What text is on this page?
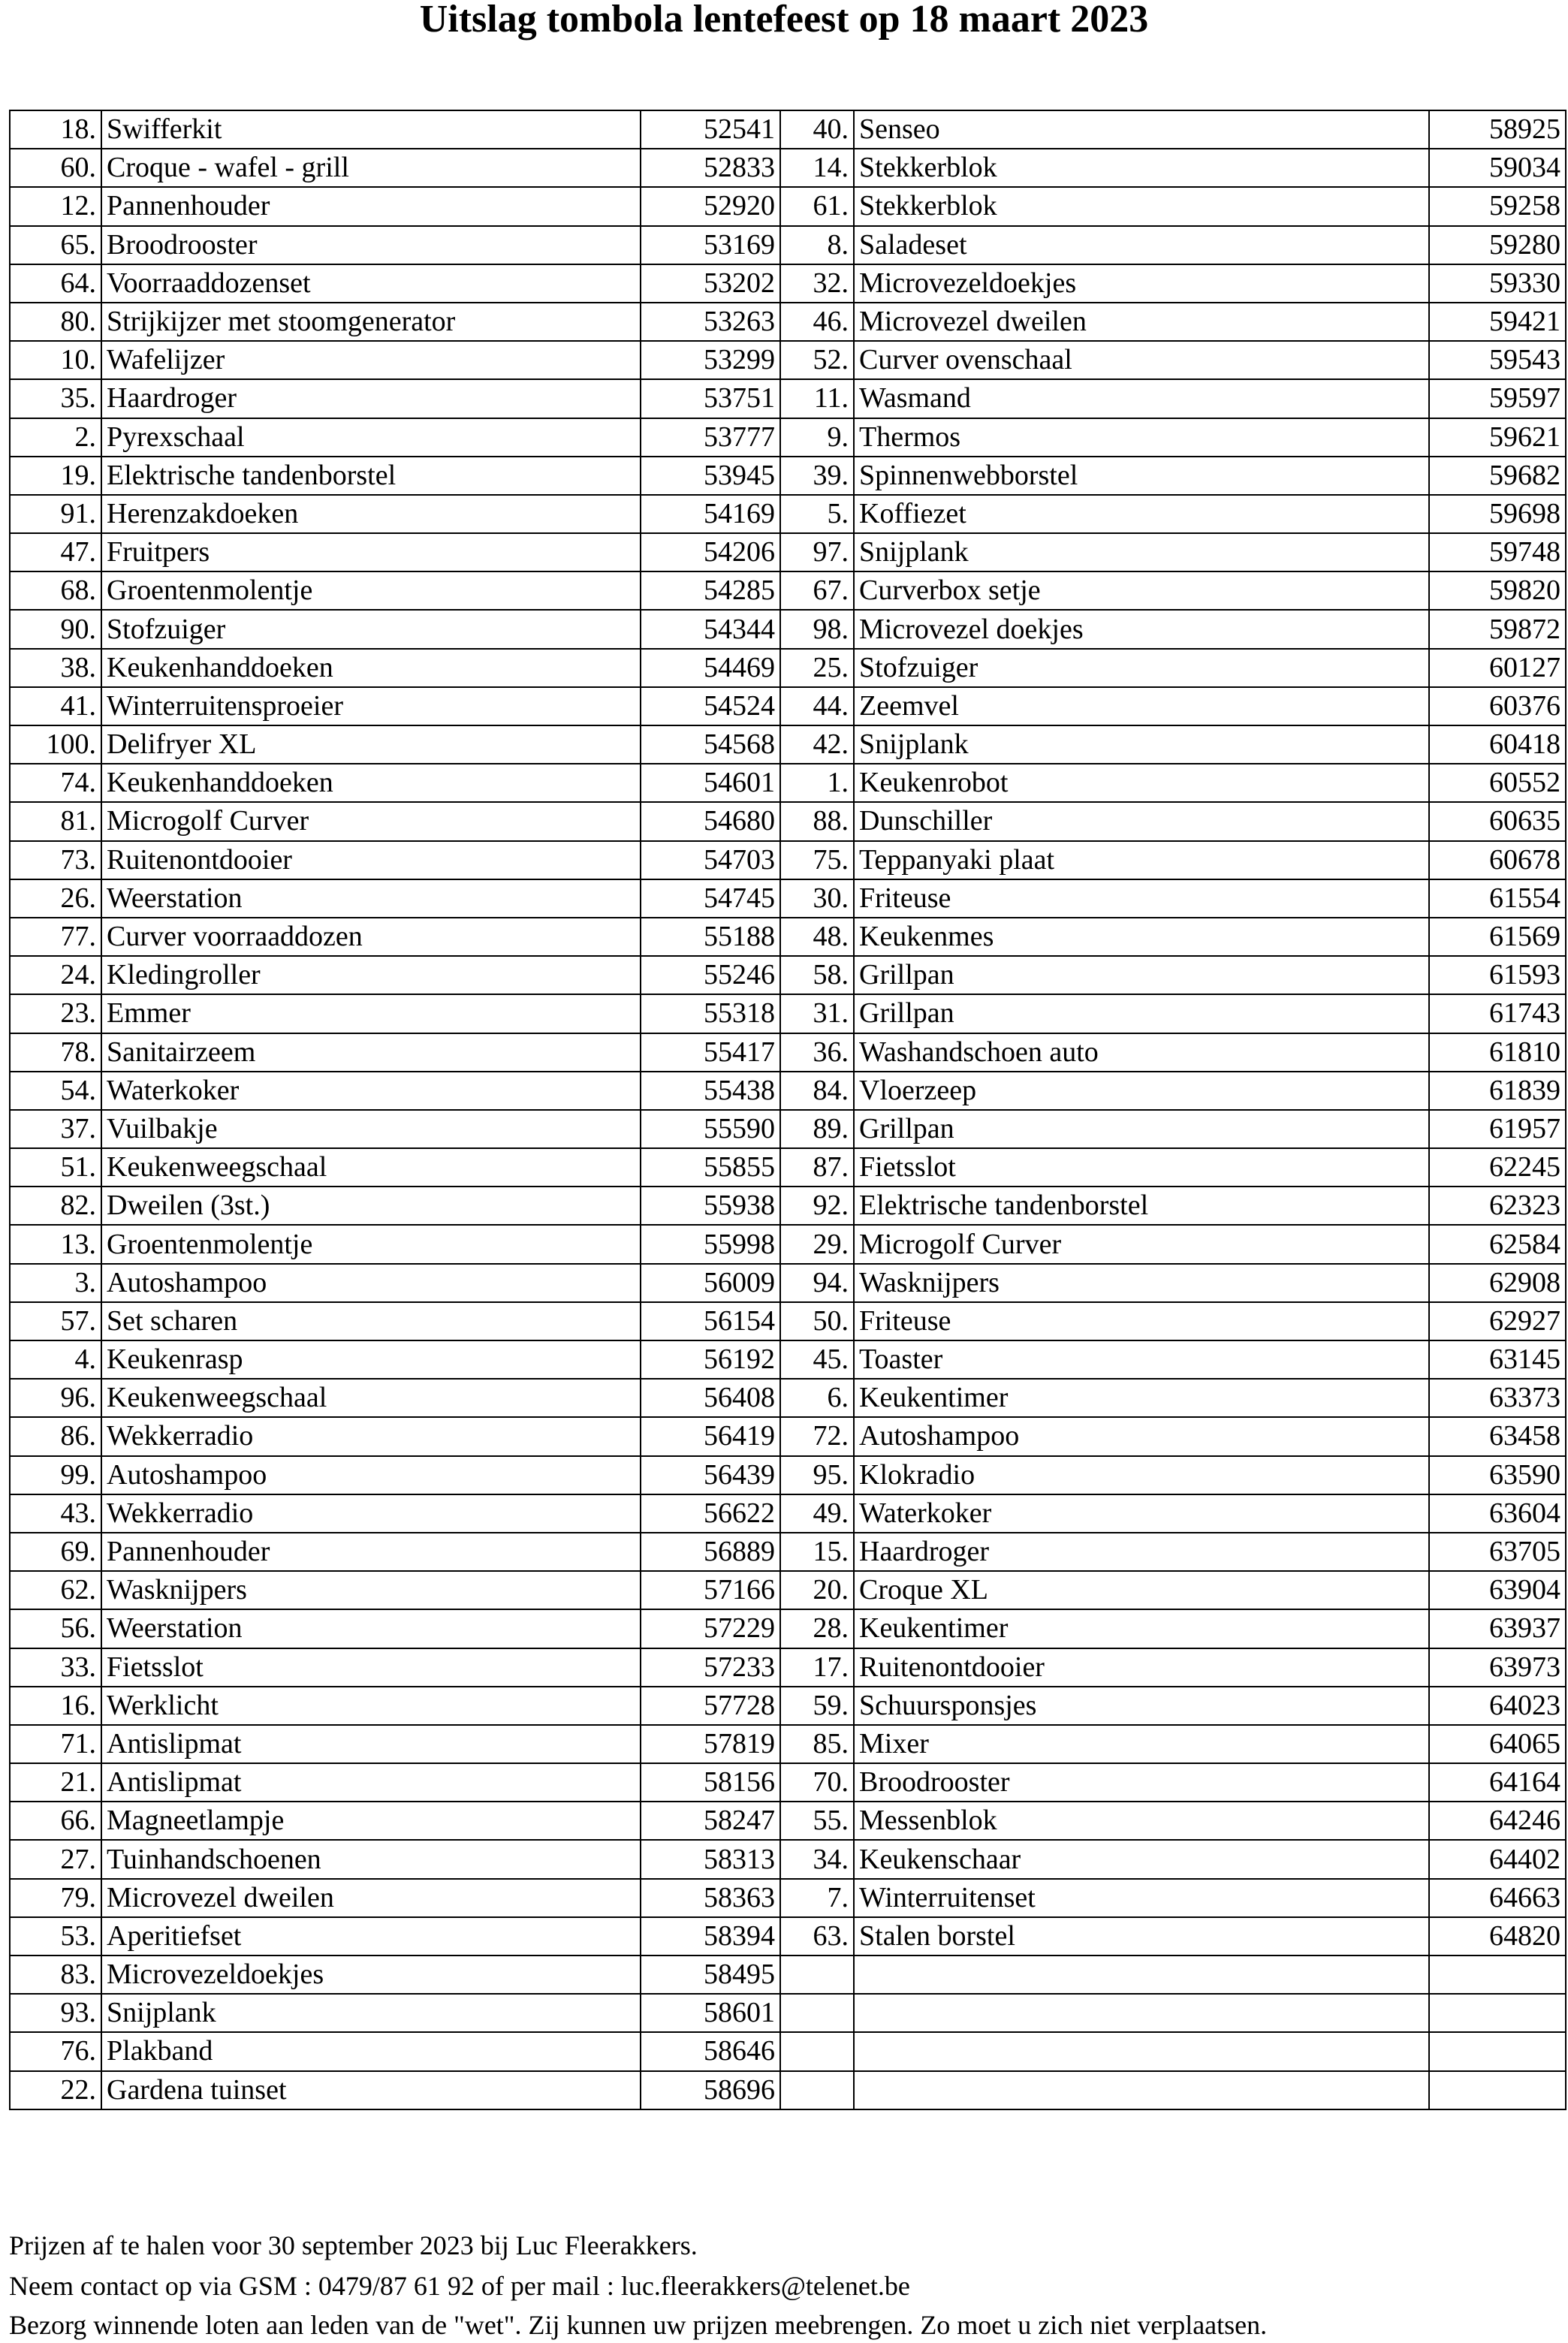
Uitslag tombola lentefeest op 18 maart 2023
18.	Swifferkit	52541	40.	Senseo	58925
60.	Croque - wafel - grill	52833	14.	Stekkerblok	59034
12.	Pannenhouder	52920	61.	Stekkerblok	59258
65.	Broodrooster	53169	8.	Saladeset	59280
64.	Voorraaddozenset	53202	32.	Microvezeldoekjes	59330
80.	Strijkijzer met stoomgenerator	53263	46.	Microvezel dweilen	59421
10.	Wafelijzer	53299	52.	Curver ovenschaal	59543
35.	Haardroger	53751	11.	Wasmand	59597
2.	Pyrexschaal	53777	9.	Thermos	59621
19.	Elektrische tandenborstel	53945	39.	Spinnenwebborstel	59682
91.	Herenzakdoeken	54169	5.	Koffiezet	59698
47.	Fruitpers	54206	97.	Snijplank	59748
68.	Groentenmolentje	54285	67.	Curverbox setje	59820
90.	Stofzuiger	54344	98.	Microvezel doekjes	59872
38.	Keukenhanddoeken	54469	25.	Stofzuiger	60127
41.	Winterruitensproeier	54524	44.	Zeemvel	60376
100.	Delifryer XL	54568	42.	Snijplank	60418
74.	Keukenhanddoeken	54601	1.	Keukenrobot	60552
81.	Microgolf Curver	54680	88.	Dunschiller	60635
73.	Ruitenontdooier	54703	75.	Teppanyaki plaat	60678
26.	Weerstation	54745	30.	Friteuse	61554
77.	Curver voorraaddozen	55188	48.	Keukenmes	61569
24.	Kledingroller	55246	58.	Grillpan	61593
23.	Emmer	55318	31.	Grillpan	61743
78.	Sanitairzeem	55417	36.	Washandschoen auto	61810
54.	Waterkoker	55438	84.	Vloerzeep	61839
37.	Vuilbakje	55590	89.	Grillpan	61957
51.	Keukenweegschaal	55855	87.	Fietsslot	62245
82.	Dweilen (3st.)	55938	92.	Elektrische tandenborstel	62323
13.	Groentenmolentje	55998	29.	Microgolf Curver	62584
3.	Autoshampoo	56009	94.	Wasknijpers	62908
57.	Set scharen	56154	50.	Friteuse	62927
4.	Keukenrasp	56192	45.	Toaster	63145
96.	Keukenweegschaal	56408	6.	Keukentimer	63373
86.	Wekkerradio	56419	72.	Autoshampoo	63458
99.	Autoshampoo	56439	95.	Klokradio	63590
43.	Wekkerradio	56622	49.	Waterkoker	63604
69.	Pannenhouder	56889	15.	Haardroger	63705
62.	Wasknijpers	57166	20.	Croque XL	63904
56.	Weerstation	57229	28.	Keukentimer	63937
33.	Fietsslot	57233	17.	Ruitenontdooier	63973
16.	Werklicht	57728	59.	Schuursponsjes	64023
71.	Antislipmat	57819	85.	Mixer	64065
21.	Antislipmat	58156	70.	Broodrooster	64164
66.	Magneetlampje	58247	55.	Messenblok	64246
27.	Tuinhandschoenen	58313	34.	Keukenschaar	64402
79.	Microvezel dweilen	58363	7.	Winterruitenset	64663
53.	Aperitiefset	58394	63.	Stalen borstel	64820
83.	Microvezeldoekjes	58495			
93.	Snijplank	58601			
76.	Plakband	58646			
22.	Gardena tuinset	58696			
Prijzen af te halen voor 30 september 2023 bij Luc Fleerakkers.
Neem contact op via GSM : 0479/87 61 92 of per mail : luc.fleerakkers@telenet.be
Bezorg winnende loten aan leden van de "wet". Zij kunnen uw prijzen meebrengen. Zo moet u zich niet verplaatsen.
